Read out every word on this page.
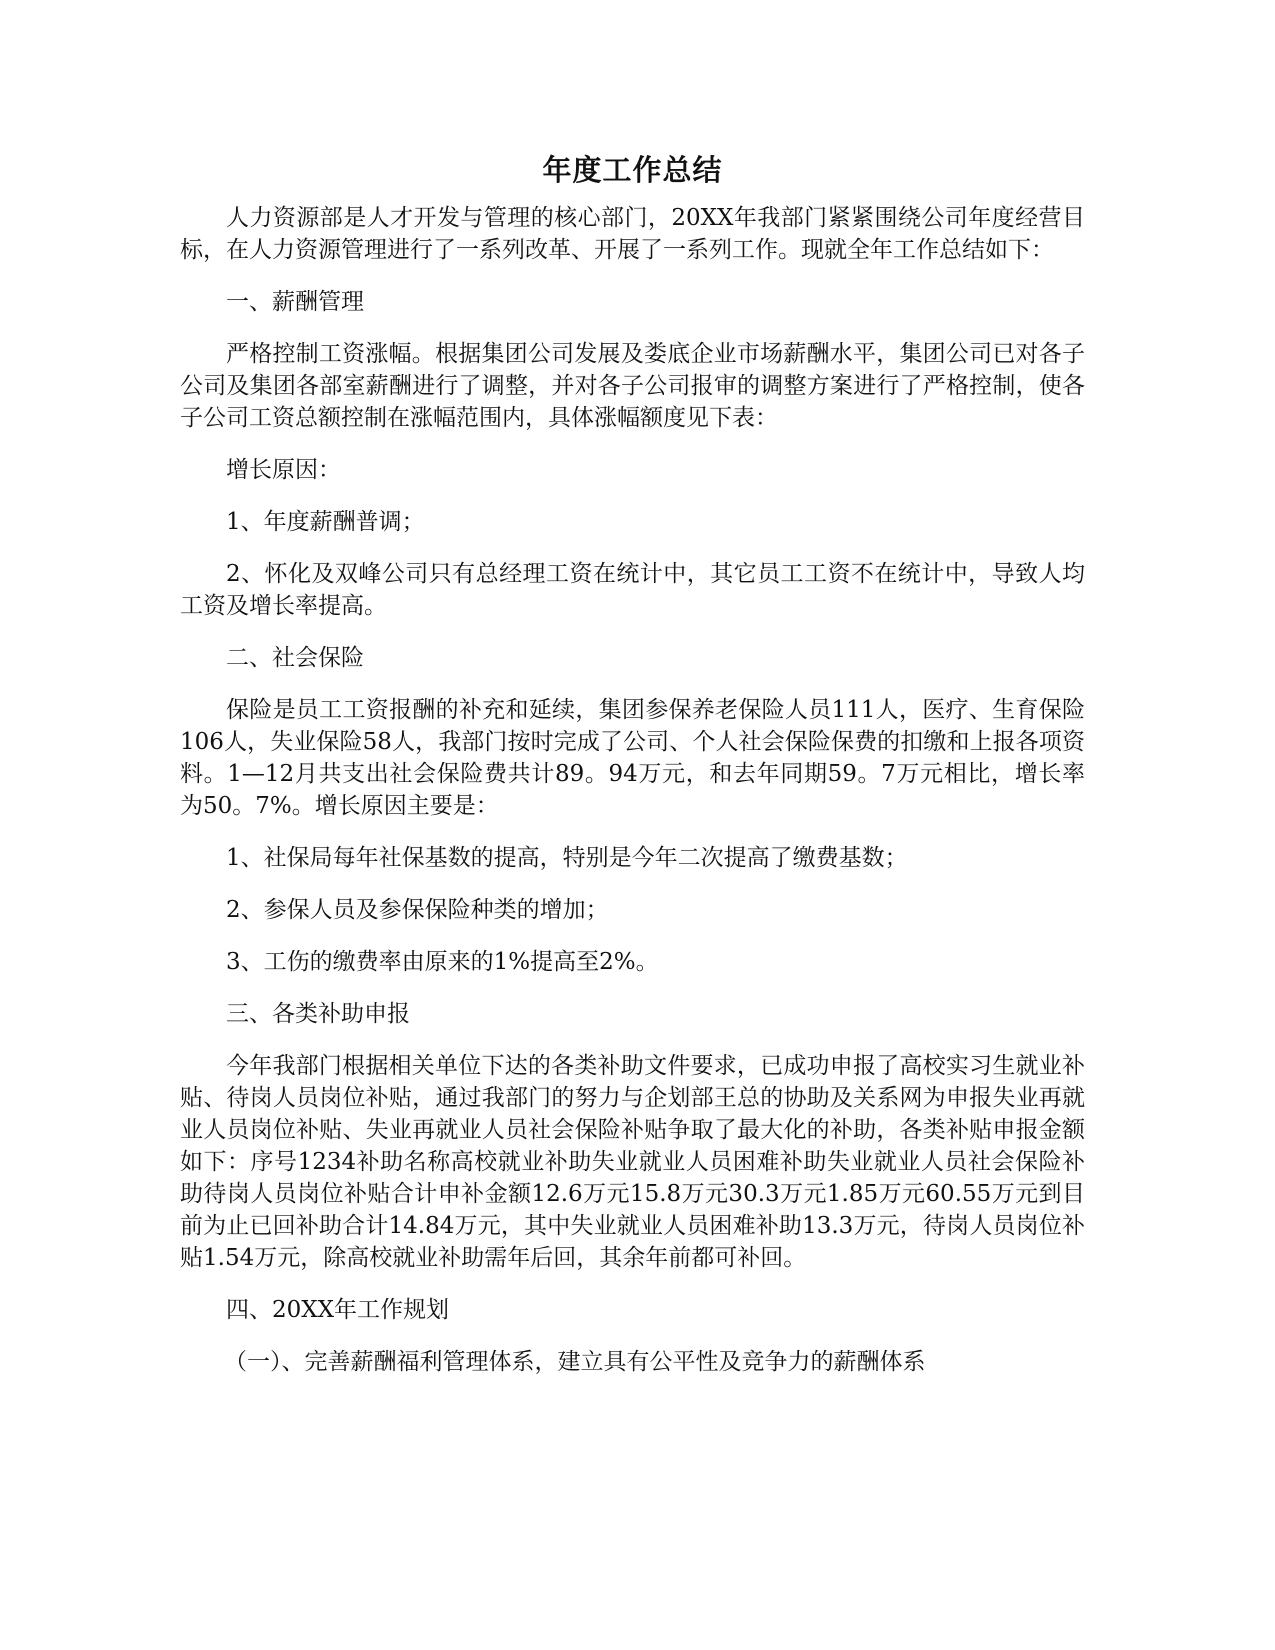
年度工作总结

人力资源部是人才开发与管理的核心部门，20XX年我部门紧紧围绕公司年度经营目标，在人力资源管理进行了一系列改革、开展了一系列工作。现就全年工作总结如下：

一、薪酬管理

严格控制工资涨幅。根据集团公司发展及娄底企业市场薪酬水平，集团公司已对各子公司及集团各部室薪酬进行了调整，并对各子公司报审的调整方案进行了严格控制，使各子公司工资总额控制在涨幅范围内，具体涨幅额度见下表：

增长原因：

1、年度薪酬普调；

2、怀化及双峰公司只有总经理工资在统计中，其它员工工资不在统计中，导致人均工资及增长率提高。

二、社会保险

保险是员工工资报酬的补充和延续，集团参保养老保险人员111人，医疗、生育保险106人，失业保险58人，我部门按时完成了公司、个人社会保险保费的扣缴和上报各项资料。1—12月共支出社会保险费共计89。94万元，和去年同期59。7万元相比，增长率为50。7%。增长原因主要是：

1、社保局每年社保基数的提高，特别是今年二次提高了缴费基数；

2、参保人员及参保保险种类的增加；

3、工伤的缴费率由原来的1%提高至2%。

三、各类补助申报

今年我部门根据相关单位下达的各类补助文件要求，已成功申报了高校实习生就业补贴、待岗人员岗位补贴，通过我部门的努力与企划部王总的协助及关系网为申报失业再就业人员岗位补贴、失业再就业人员社会保险补贴争取了最大化的补助，各类补贴申报金额如下：序号1234补助名称高校就业补助失业就业人员困难补助失业就业人员社会保险补助待岗人员岗位补贴合计申补金额12.6万元15.8万元30.3万元1.85万元60.55万元到目前为止已回补助合计14.84万元，其中失业就业人员困难补助13.3万元，待岗人员岗位补贴1.54万元，除高校就业补助需年后回，其余年前都可补回。

四、20XX年工作规划

（一）、完善薪酬福利管理体系，建立具有公平性及竞争力的薪酬体系
